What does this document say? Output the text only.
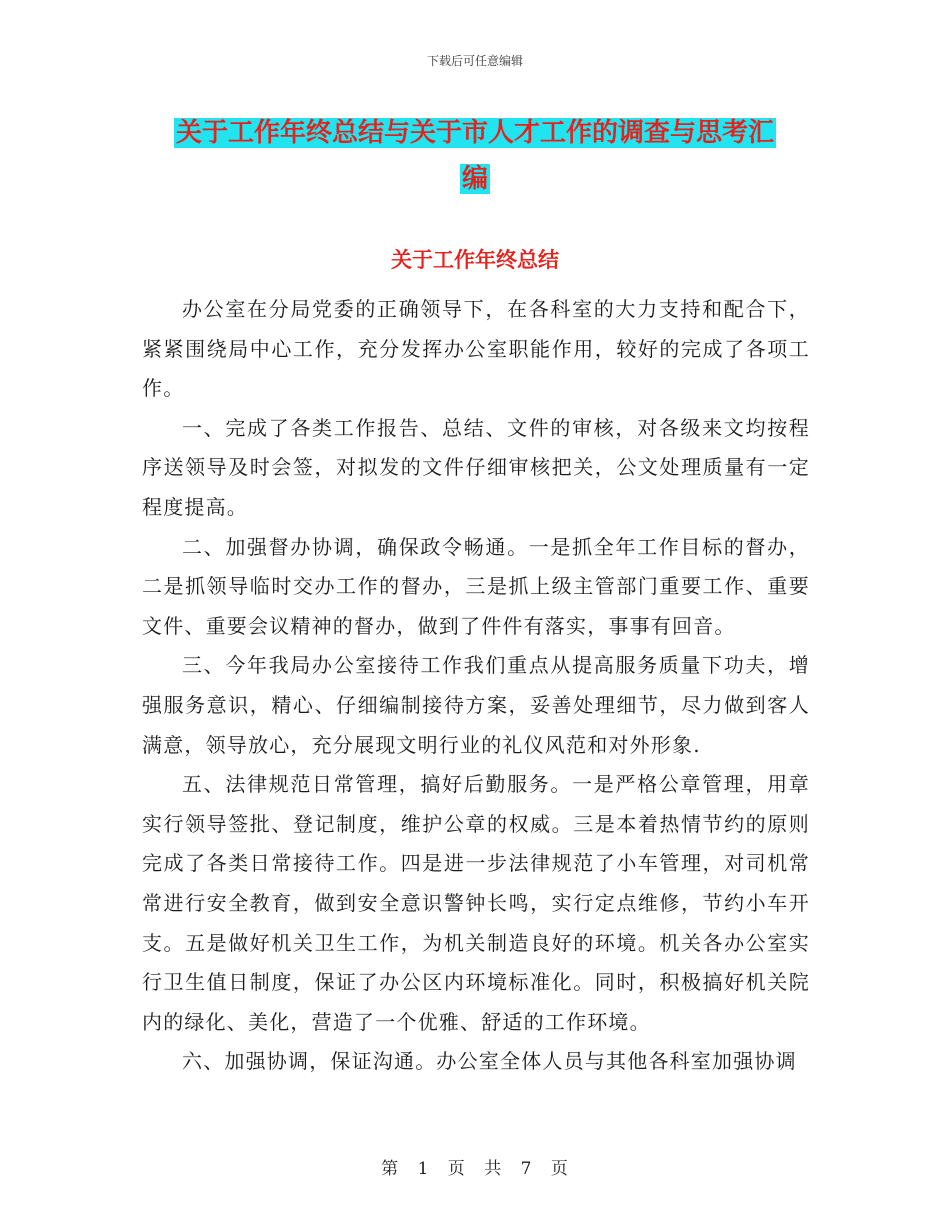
下载后可任意编辑
关于工作年终总结与关于市人才工作的调查与思考汇
编
关于工作年终总结

办公室在分局党委的正确领导下，在各科室的大力支持和配合下，紧紧围绕局中心工作，充分发挥办公室职能作用，较好的完成了各项工作。

一、完成了各类工作报告、总结、文件的审核，对各级来文均按程序送领导及时会签，对拟发的文件仔细审核把关，公文处理质量有一定程度提高。

二、加强督办协调，确保政令畅通。一是抓全年工作目标的督办，二是抓领导临时交办工作的督办，三是抓上级主管部门重要工作、重要文件、重要会议精神的督办，做到了件件有落实，事事有回音。

三、今年我局办公室接待工作我们重点从提高服务质量下功夫，增强服务意识，精心、仔细编制接待方案，妥善处理细节，尽力做到客人满意，领导放心，充分展现文明行业的礼仪风范和对外形象.

五、法律规范日常管理，搞好后勤服务。一是严格公章管理，用章实行领导签批、登记制度，维护公章的权威。三是本着热情节约的原则完成了各类日常接待工作。四是进一步法律规范了小车管理，对司机常常进行安全教育，做到安全意识警钟长鸣，实行定点维修，节约小车开支。五是做好机关卫生工作，为机关制造良好的环境。机关各办公室实行卫生值日制度，保证了办公区内环境标准化。同时，积极搞好机关院内的绿化、美化，营造了一个优雅、舒适的工作环境。

六、加强协调，保证沟通。办公室全体人员与其他各科室加强协调

第 1 页 共 7 页
